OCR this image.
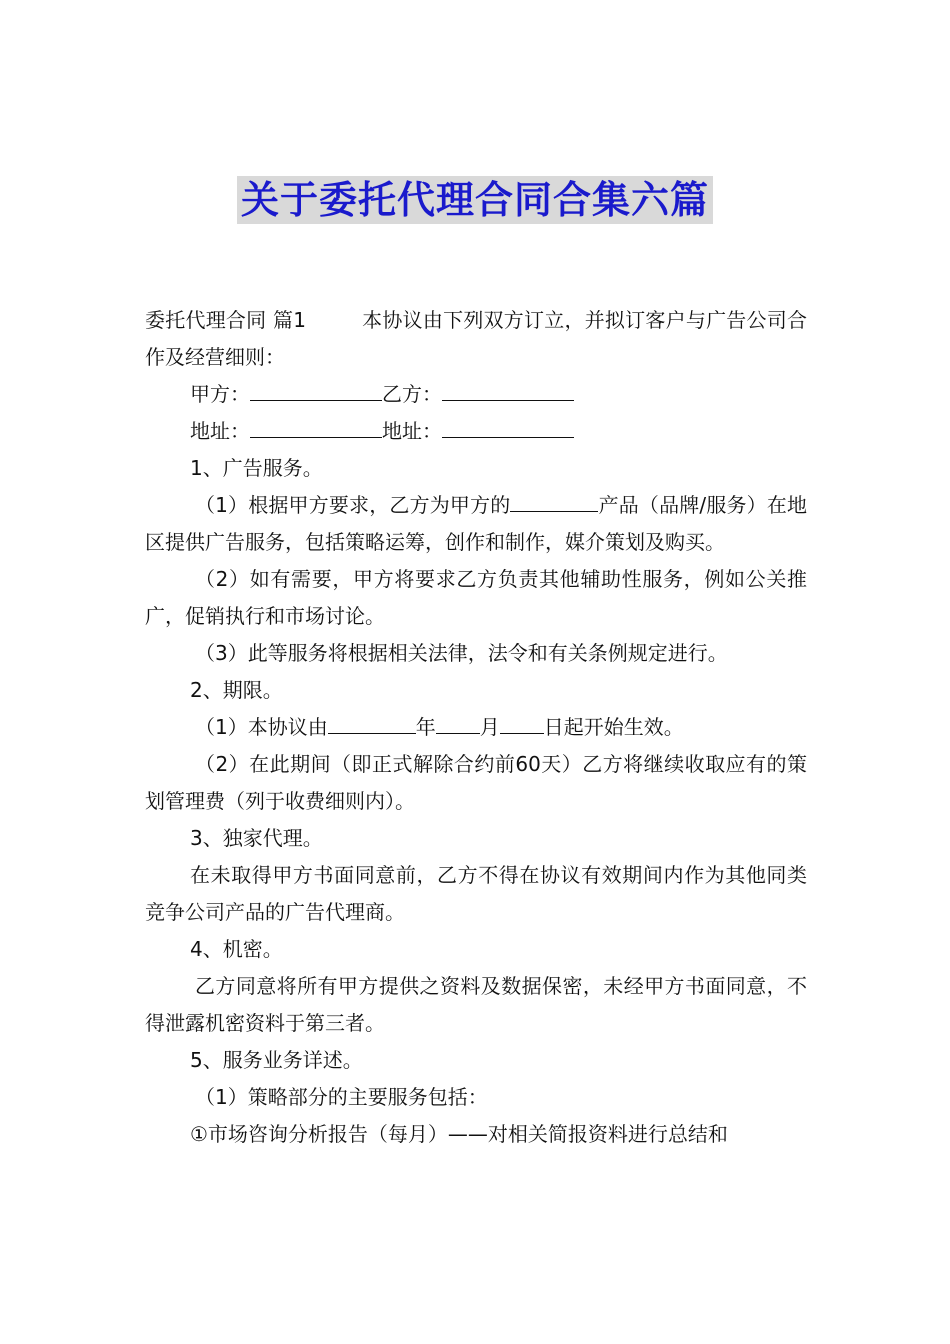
关于委托代理合同合集六篇

委托代理合同 篇1	本协议由下列双方订立，并拟订客户与广告公司合作及经营细则：

甲方：	乙方：

地址：	地址：

1、广告服务。

（1）根据甲方要求，乙方为甲方的	产品（品牌/服务）在地区提供广告服务，包括策略运筹，创作和制作，媒介策划及购买。

（2）如有需要，甲方将要求乙方负责其他辅助性服务，例如公关推广，促销执行和市场讨论。

（3）此等服务将根据相关法律，法令和有关条例规定进行。

2、期限。

（1）本协议由	年 月 日起开始生效。

（2）在此期间（即正式解除合约前60天）乙方将继续收取应有的策划管理费（列于收费细则内）。

3、独家代理。

在未取得甲方书面同意前，乙方不得在协议有效期间内作为其他同类竞争公司产品的广告代理商。

4、机密。

乙方同意将所有甲方提供之资料及数据保密，未经甲方书面同意，不得泄露机密资料于第三者。

5、服务业务详述。

（1）策略部分的主要服务包括：

①市场咨询分析报告（每月）——对相关简报资料进行总结和
